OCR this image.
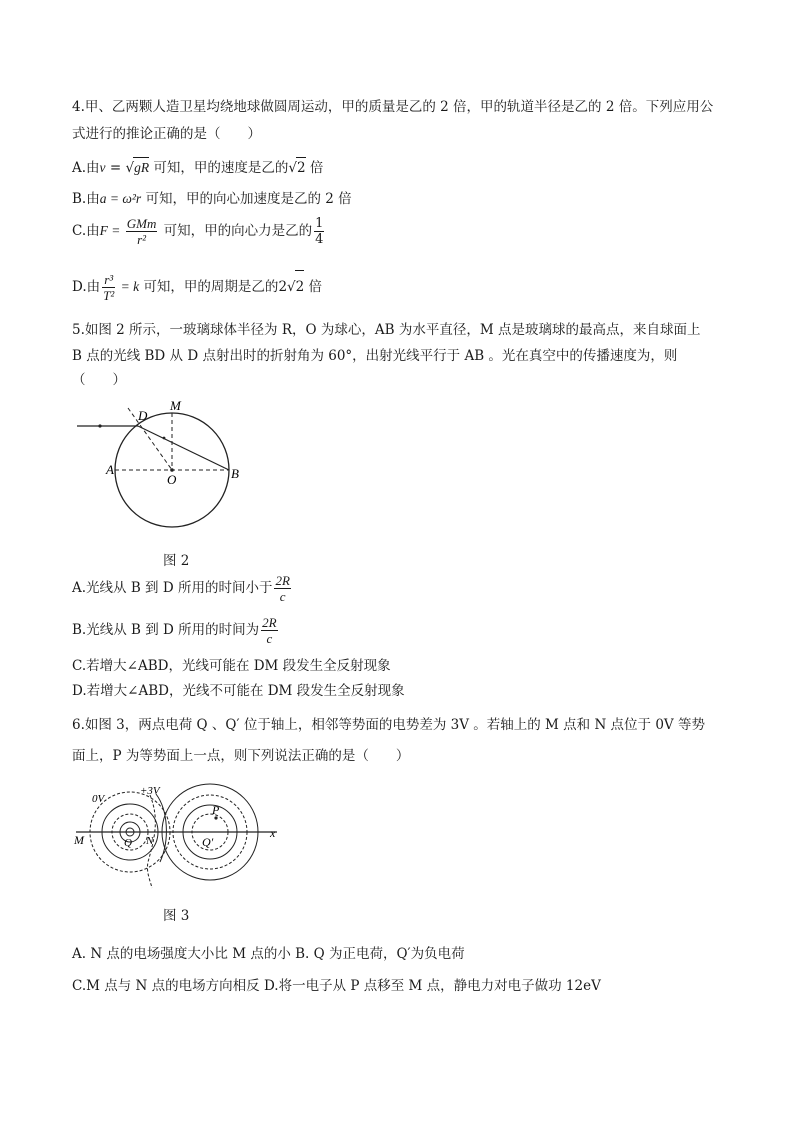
4.甲、乙两颗人造卫星均绕地球做圆周运动，甲的质量是乙的 2 倍，甲的轨道半径是乙的 2 倍。下列应用公
式进行的推论正确的是（　　）
A.由v = √gR 可知，甲的速度是乙的√2 倍
B.由a = ω²r 可知，甲的向心加速度是乙的 2 倍
C.由$F = \frac{\text{GMm}}{\text{r²}}$ 可知，甲的向心力是乙的 $\frac{1}{4}$
D.由 $\frac{\text{r³}}{\text{T²}} = k$ 可知，甲的周期是乙的2√2 倍
5.如图 2 所示，一玻璃球体半径为 R，O 为球心，AB 为水平直径，M 点是玻璃球的最高点，来自球面上
B 点的光线 BD 从 D 点射出时的折射角为 60°，出射光线平行于 AB 。光在真空中的传播速度为，则
（　　）
D
M
A
O	B
图 2
A.光线从 B 到 D 所用的时间小于 $\frac{2R}{c}$
B.光线从 B 到 D 所用的时间为 $\frac{2R}{c}$
C.若增大∠ABD，光线可能在 DM 段发生全反射现象
D.若增大∠ABD，光线不可能在 DM 段发生全反射现象
6.如图 3，两点电荷 Q 、Q′ 位于轴上，相邻等势面的电势差为 3V 。若轴上的 M 点和 N 点位于 0V 等势
面上，P 为等势面上一点，则下列说法正确的是（　　）
0V
+3V
M	Q N
P
Q′
x
图 3
A. N 点的电场强度大小比 M 点的小 B. Q 为正电荷，Q′为负电荷
C.M 点与 N 点的电场方向相反 D.将一电子从 P 点移至 M 点，静电力对电子做功 12eV
